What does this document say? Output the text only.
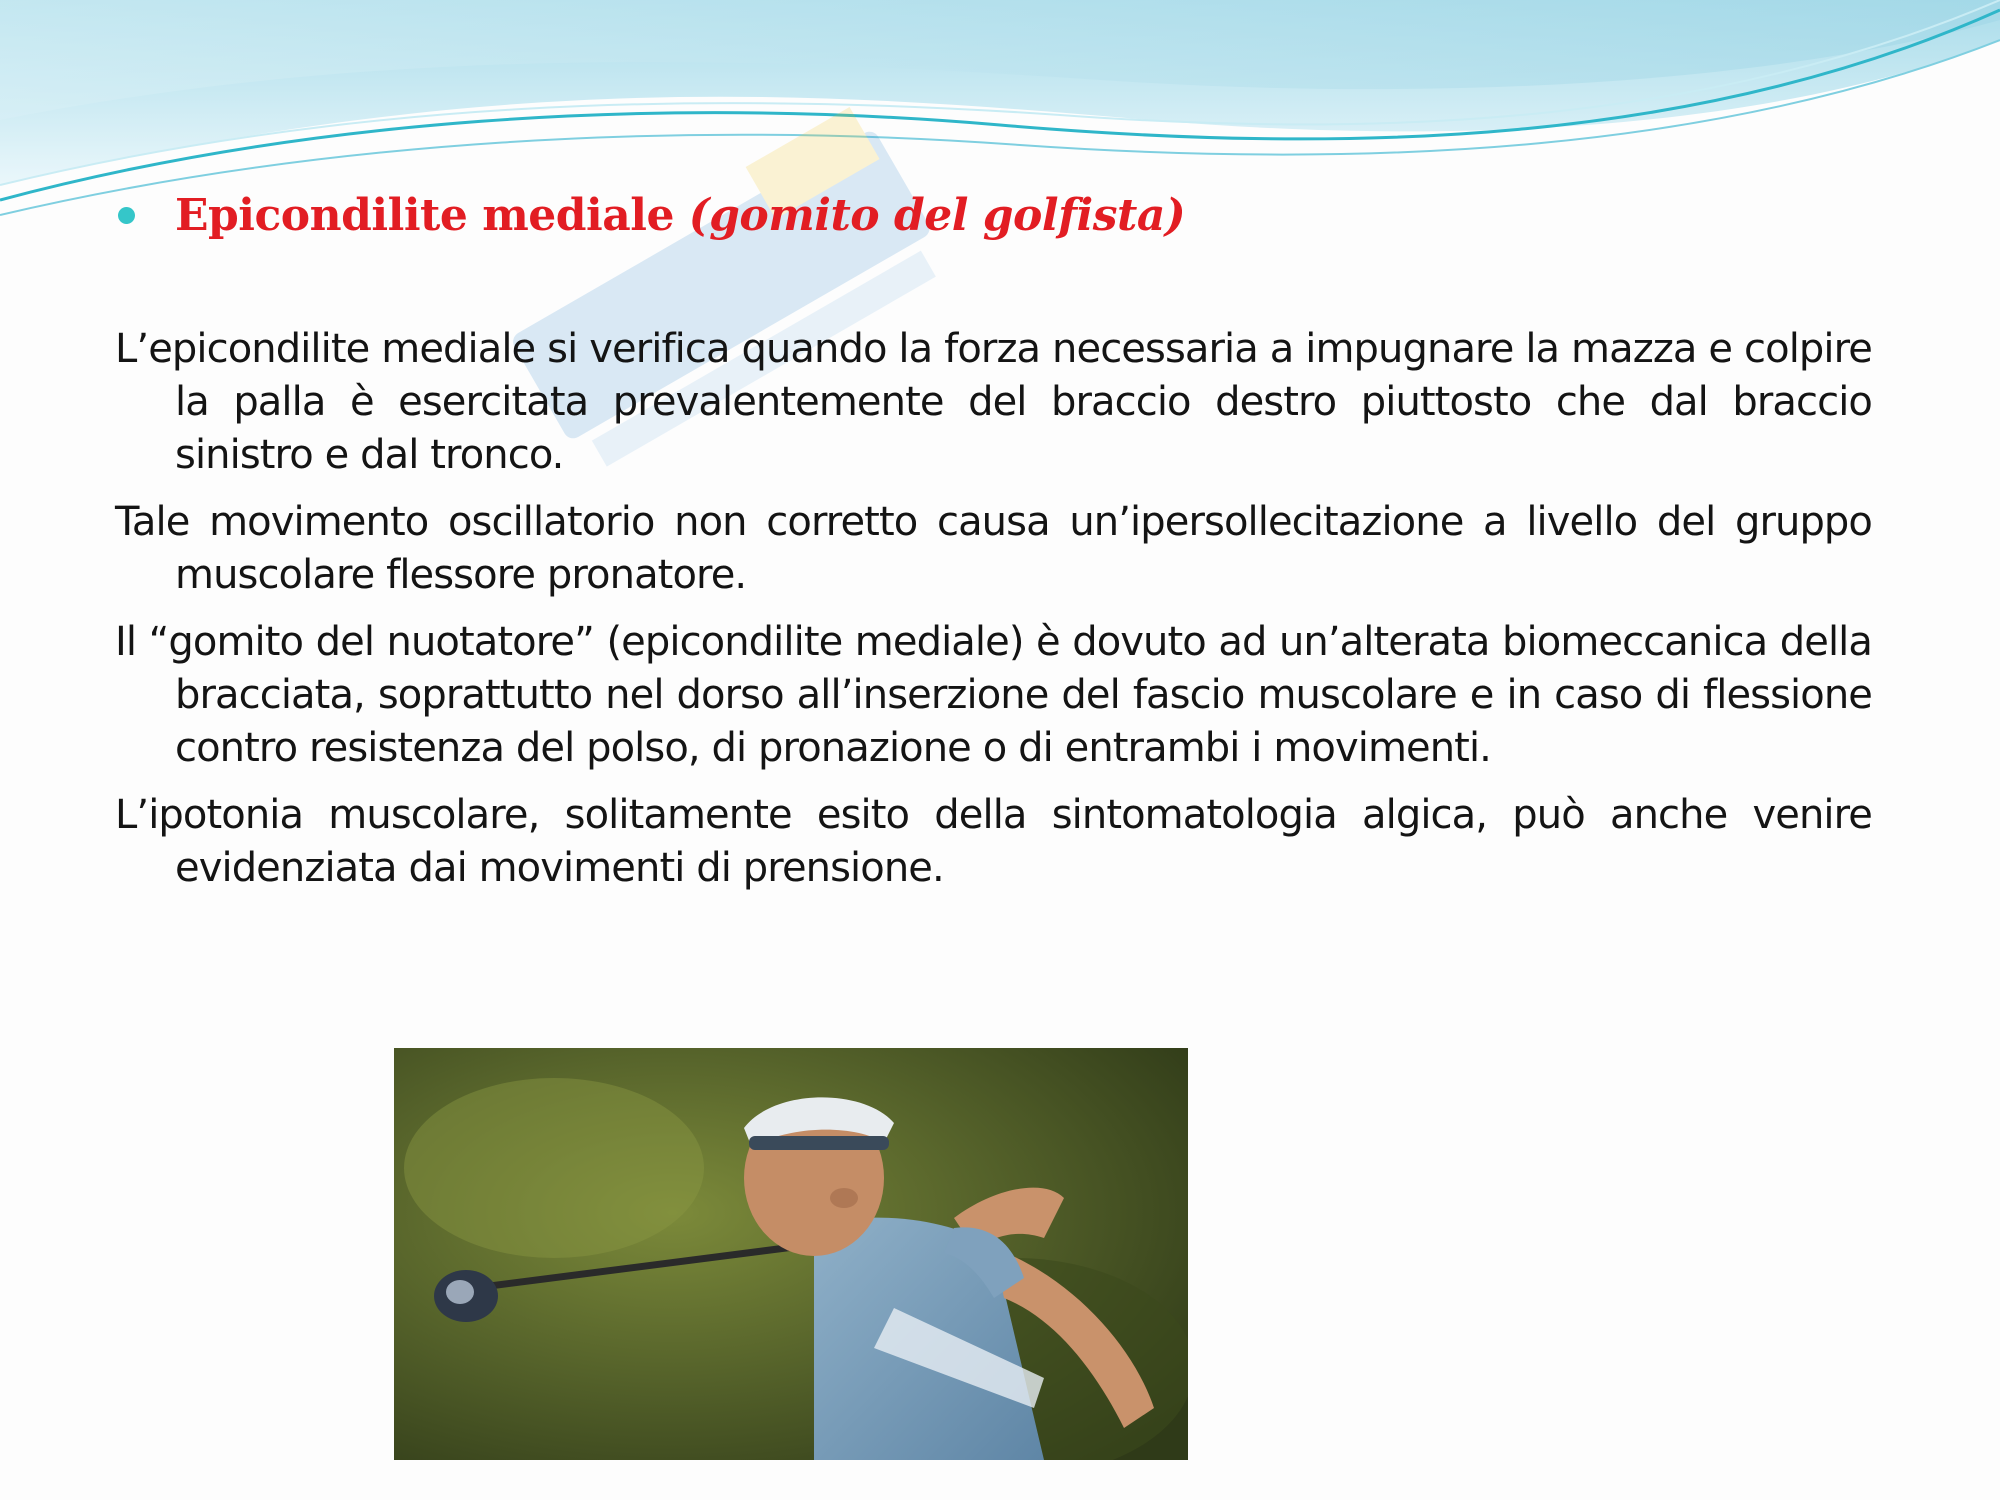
Epicondilite mediale (gomito del golfista)

L’epicondilite mediale si verifica quando la forza necessaria a impugnare la mazza e colpire la palla è esercitata prevalentemente del braccio destro piuttosto che dal braccio sinistro e dal tronco.

Tale movimento oscillatorio non corretto causa un’ipersollecitazione a livello del gruppo muscolare flessore pronatore.

Il “gomito del nuotatore” (epicondilite mediale) è dovuto ad un’alterata biomeccanica della bracciata, soprattutto nel dorso all’inserzione del fascio muscolare e in caso di flessione contro resistenza del polso, di pronazione o di entrambi i movimenti.

L’ipotonia muscolare, solitamente esito della sintomatologia algica, può anche venire evidenziata dai movimenti di prensione.
